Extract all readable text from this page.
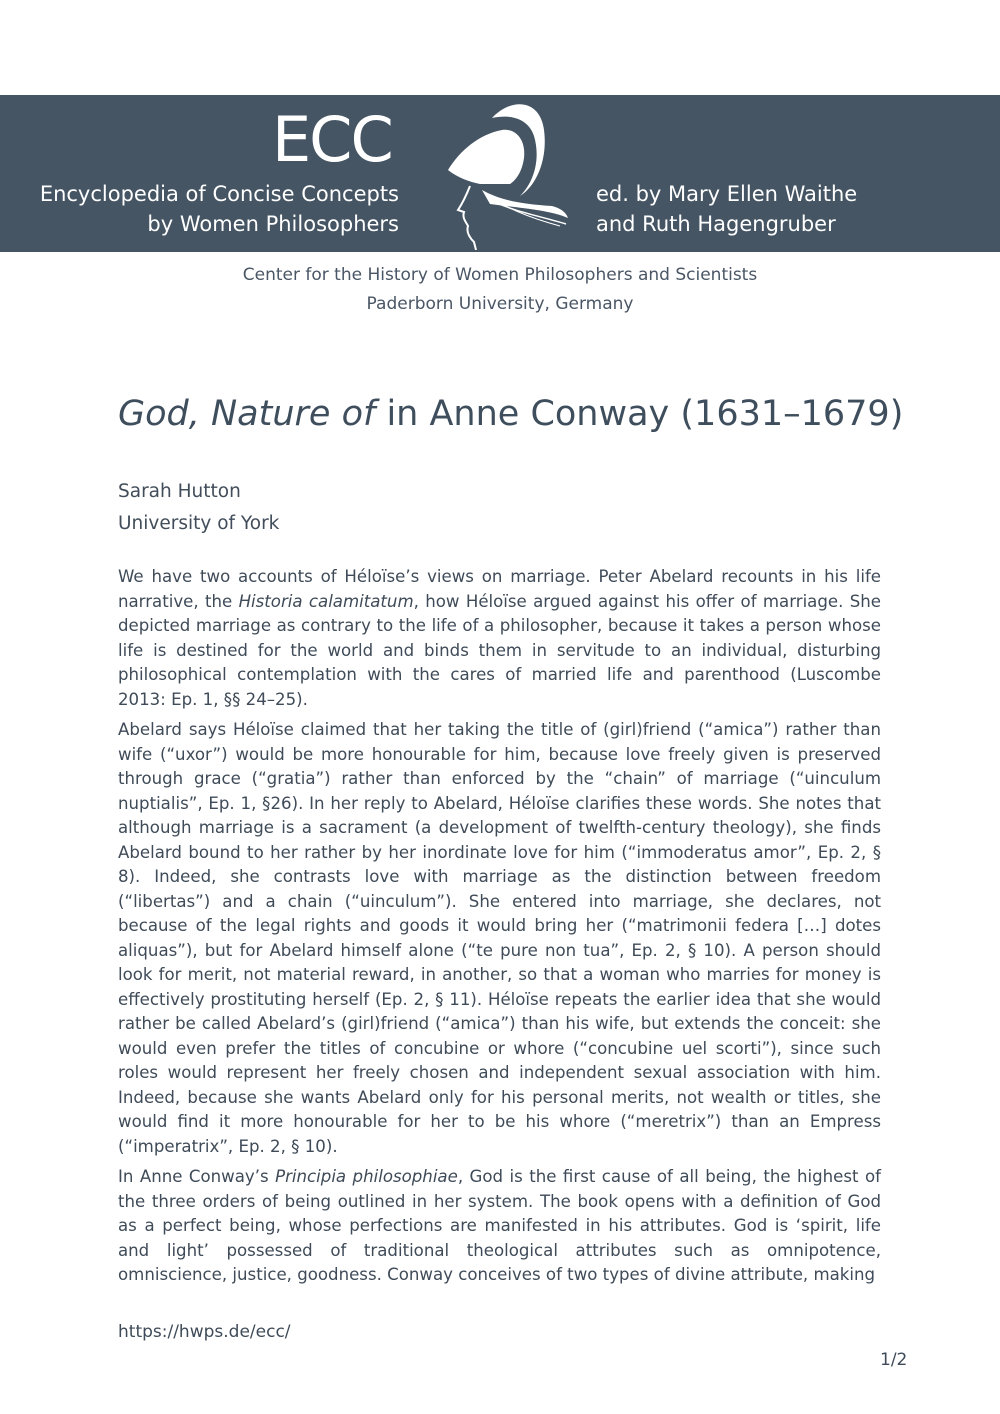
ECC
Encyclopedia of Concise Concepts
by Women Philosophers
ed. by Mary Ellen Waithe
and Ruth Hagengruber
Center for the History of Women Philosophers and Scientists
Paderborn University, Germany
God, Nature of in Anne Conway (1631–1679)
Sarah Hutton
University of York

We have two accounts of Héloïse’s views on marriage. Peter Abelard recounts in his life narrative, the Historia calamitatum, how Héloïse argued against his offer of marriage. She depicted marriage as contrary to the life of a philosopher, because it takes a person whose life is destined for the world and binds them in servitude to an individual, disturbing philosophical contemplation with the cares of married life and parenthood (Luscombe 2013: Ep. 1, §§ 24–25).

Abelard says Héloïse claimed that her taking the title of (girl)friend (“amica”) rather than wife (“uxor”) would be more honourable for him, because love freely given is preserved through grace (“gratia”) rather than enforced by the “chain” of marriage (“uinculum nuptialis”, Ep. 1, §26). In her reply to Abelard, Héloïse clarifies these words. She notes that although marriage is a sacrament (a development of twelfth-century theology), she finds Abelard bound to her rather by her inordinate love for him (“immoderatus amor”, Ep. 2, § 8). Indeed, she contrasts love with marriage as the distinction between freedom (“libertas”) and a chain (“uinculum”). She entered into marriage, she declares, not because of the legal rights and goods it would bring her (“matrimonii federa […] dotes aliquas”), but for Abelard himself alone (“te pure non tua”, Ep. 2, § 10). A person should look for merit, not material reward, in another, so that a woman who marries for money is effectively prostituting herself (Ep. 2, § 11). Héloïse repeats the earlier idea that she would rather be called Abelard’s (girl)friend (“amica”) than his wife, but extends the conceit: she would even prefer the titles of concubine or whore (“concubine uel scorti”), since such roles would represent her freely chosen and independent sexual association with him. Indeed, because she wants Abelard only for his personal merits, not wealth or titles, she would find it more honourable for her to be his whore (“meretrix”) than an Empress (“imperatrix”, Ep. 2, § 10).

In Anne Conway’s Principia philosophiae, God is the first cause of all being, the highest of the three orders of being outlined in her system. The book opens with a definition of God as a perfect being, whose perfections are manifested in his attributes. God is ‘spirit, life and light’ possessed of traditional theological attributes such as omnipotence, omniscience, justice, goodness. Conway conceives of two types of divine attribute, making

https://hwps.de/ecc/
1/2
